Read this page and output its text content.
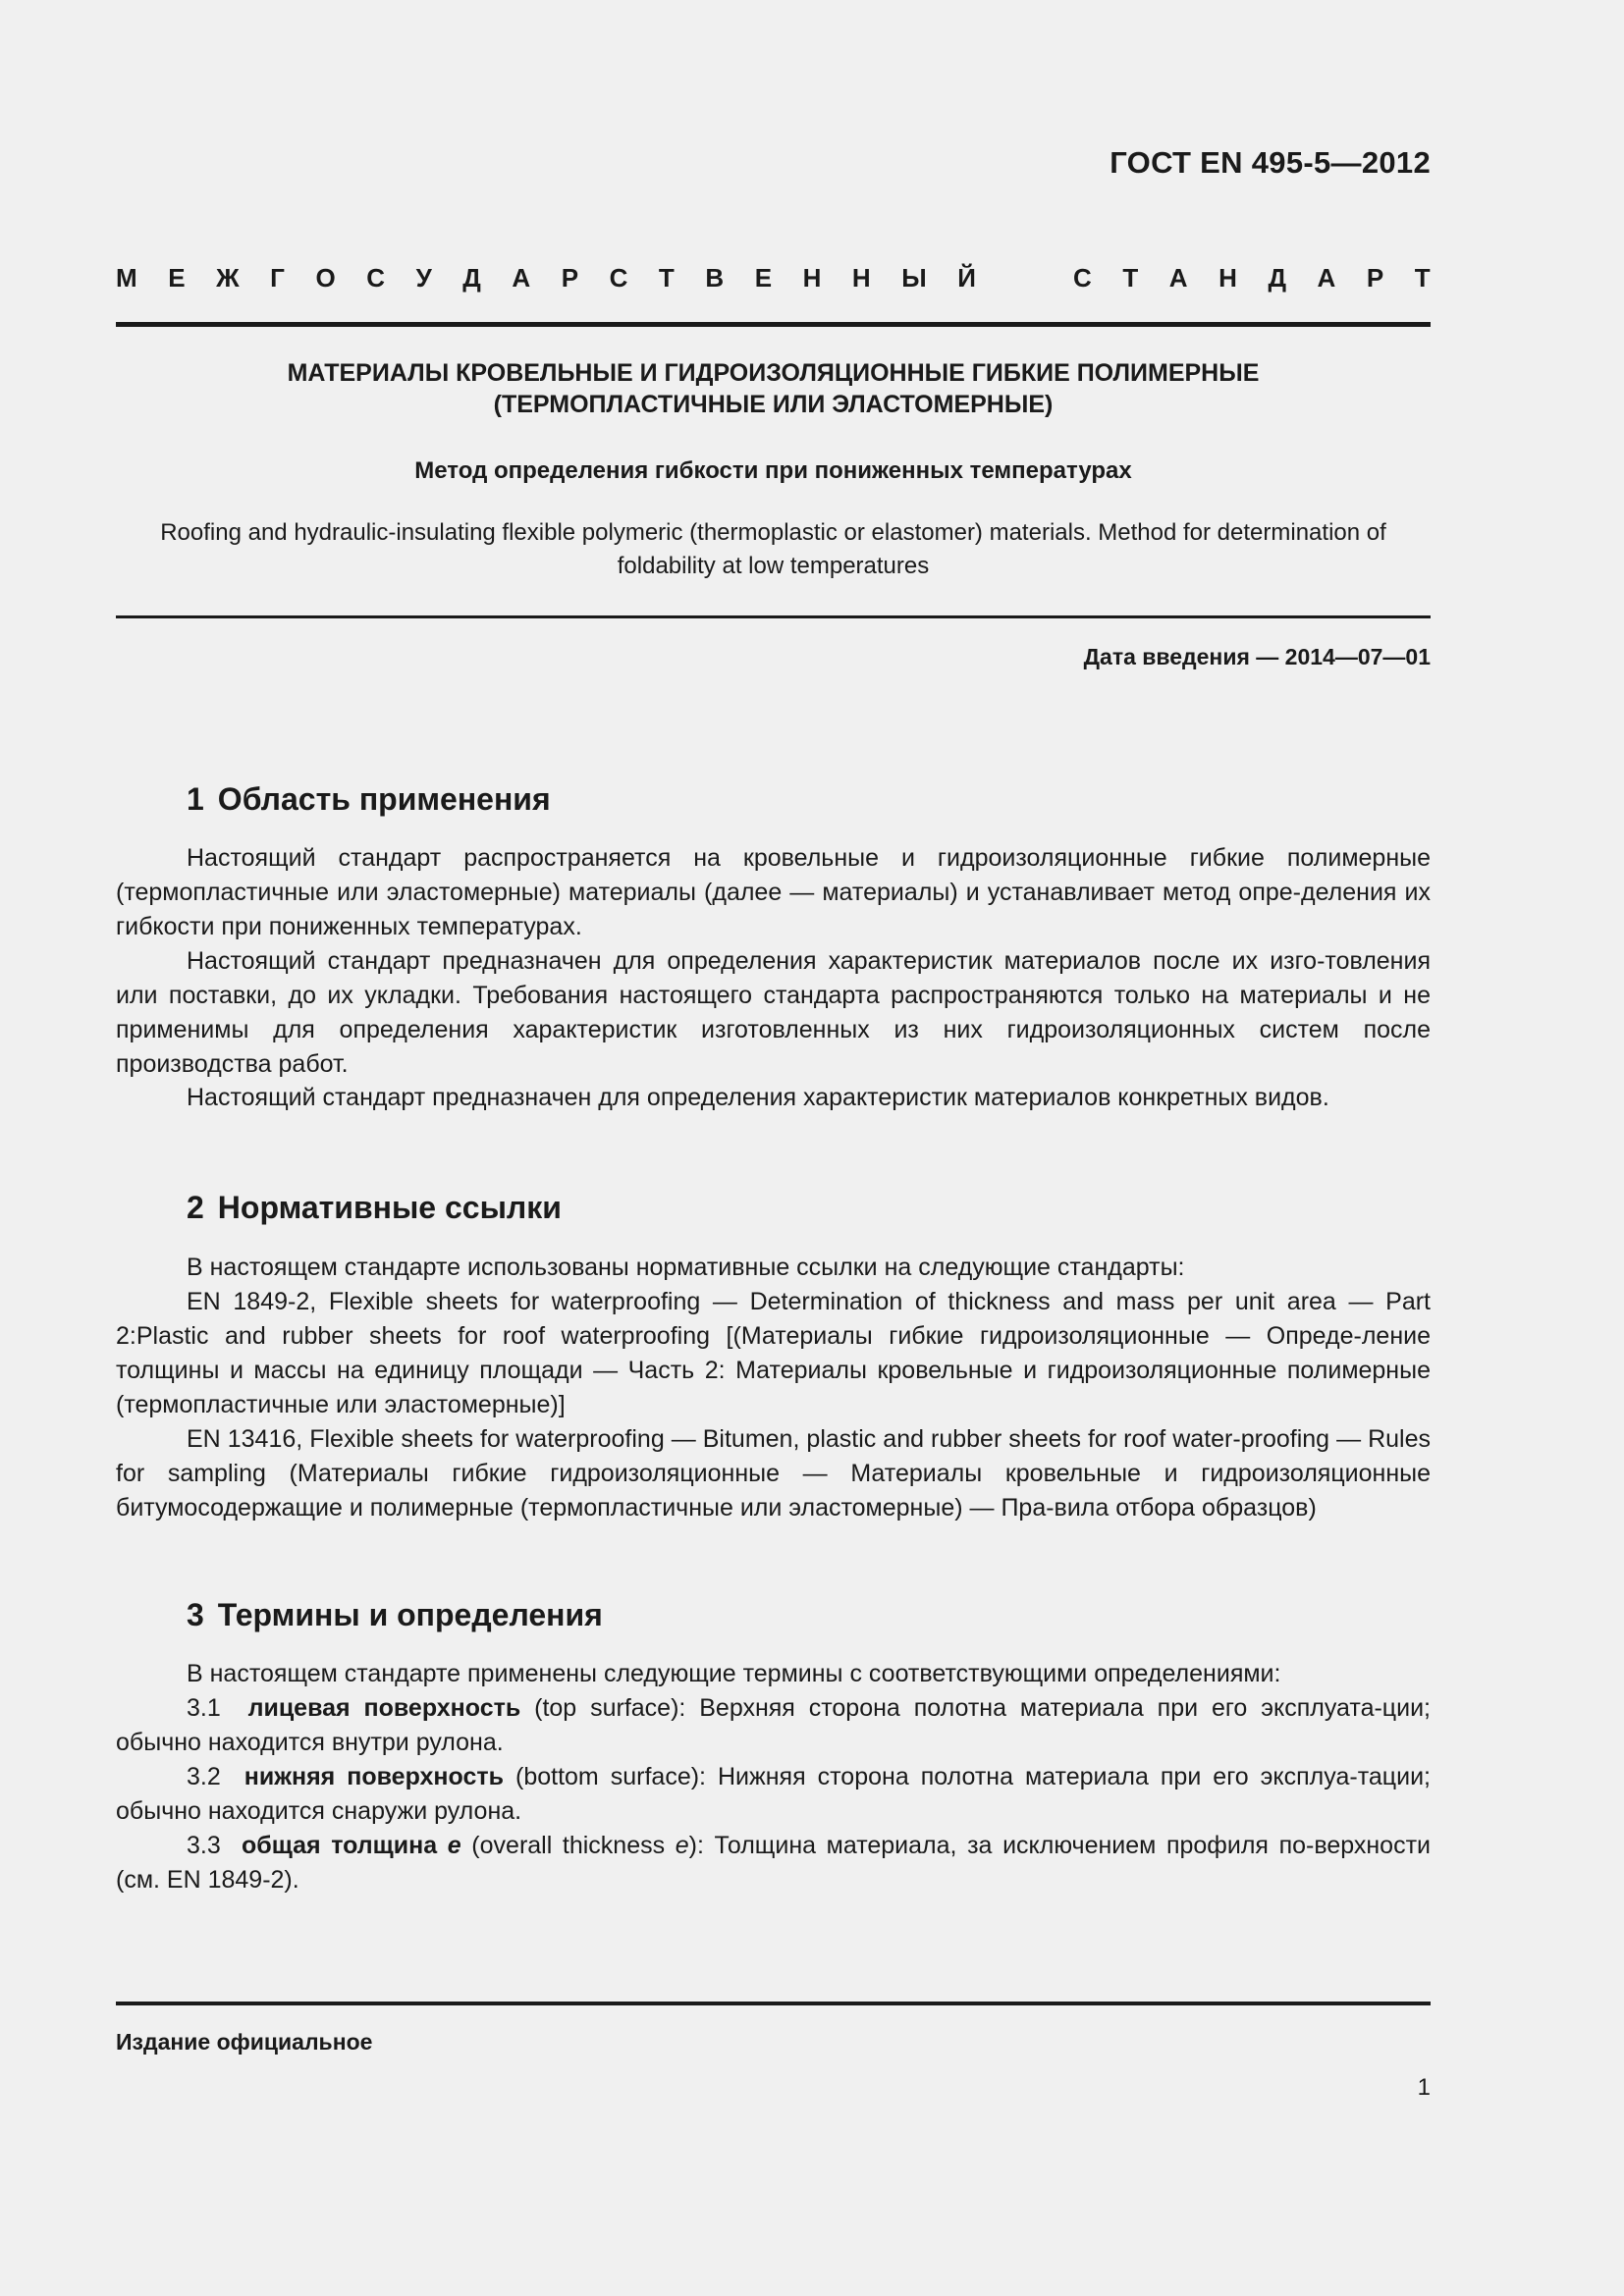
ГОСТ EN 495-5—2012
М Е Ж Г О С У Д А Р С Т В Е Н Н Ы Й	С Т А Н Д А Р Т
МАТЕРИАЛЫ КРОВЕЛЬНЫЕ И ГИДРОИЗОЛЯЦИОННЫЕ ГИБКИЕ ПОЛИМЕРНЫЕ
(ТЕРМОПЛАСТИЧНЫЕ ИЛИ ЭЛАСТОМЕРНЫЕ)
Метод определения гибкости при пониженных температурах
Roofing and hydraulic-insulating flexible polymeric (thermoplastic or elastomer) materials. Method for determination of
foldability at low temperatures
Дата введения — 2014—07—01
1 Область применения

Настоящий стандарт распространяется на кровельные и гидроизоляционные гибкие полимерные (термопластичные или эластомерные) материалы (далее — материалы) и устанавливает метод опре-деления их гибкости при пониженных температурах.

Настоящий стандарт предназначен для определения характеристик материалов после их изго-товления или поставки, до их укладки. Требования настоящего стандарта распространяются только на материалы и не применимы для определения характеристик изготовленных из них гидроизоляционных систем после производства работ.

Настоящий стандарт предназначен для определения характеристик материалов конкретных видов.

2 Нормативные ссылки

В настоящем стандарте использованы нормативные ссылки на следующие стандарты:

EN 1849-2, Flexible sheets for waterproofing — Determination of thickness and mass per unit area — Part 2:Plastic and rubber sheets for roof waterproofing [(Материалы гибкие гидроизоляционные — Опреде-ление толщины и массы на единицу площади — Часть 2: Материалы кровельные и гидроизоляционные полимерные (термопластичные или эластомерные)]

EN 13416, Flexible sheets for waterproofing — Bitumen, plastic and rubber sheets for roof water-proofing — Rules for sampling (Материалы гибкие гидроизоляционные — Материалы кровельные и гидроизоляционные битумосодержащие и полимерные (термопластичные или эластомерные) — Пра-вила отбора образцов)

3 Термины и определения

В настоящем стандарте применены следующие термины с соответствующими определениями:

3.1 лицевая поверхность (top surface): Верхняя сторона полотна материала при его эксплуата-ции; обычно находится внутри рулона.

3.2 нижняя поверхность (bottom surface): Нижняя сторона полотна материала при его эксплуа-тации; обычно находится снаружи рулона.

3.3 общая толщина e (overall thickness e): Толщина материала, за исключением профиля по-верхности (см. EN 1849-2).

Издание официальное
1
